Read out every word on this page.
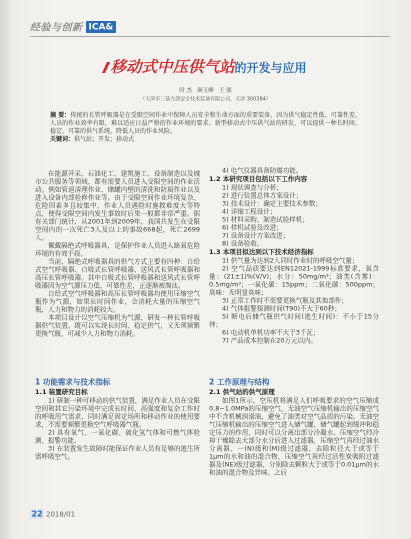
经验与创新 ICA&
移动式中压供气站的开发与应用
时 杰   颜玉峰   王 强
（天津市三基九创安全技术装备有限公司，天津 300384）
摘 要：传统的长管呼吸器是在受限空间作业中保障人员安全和生命方面的重要装备，因为供气稳定性低、可靠性差，人员的作业效率有限，难以适应日益严格的作业环境的要求。新型移动式中压供气站的研发，可以提供一种长时间、稳定、可靠的供气系统，降低人员的作业风险。
关键词：供气站；开发；移动式

在能源开采、石油化工、建筑施工、设备制造以及城市公共服务等领域，都有需要人员进入受限空间的作业活动。例如管道清理作业、储罐内壁的清洗和防腐作业以及进入设备内部检修作业等。由于受限空间作业环境复杂、危险因素多且较集中，作业人员遇险时施救难度大等特点，使得受限空间内发生事故时后果一般都非常严重。据有关部门统计，从2001年到2009年，我国共发生在受限空间内的一次死亡3人及以上的事故668起，死亡2699人。

佩戴隔绝式呼吸器具，是保护作业人员进入缺氧危险环境的有效手段。

当前，隔绝式呼吸器具的供气方式主要有四种：自给式空气呼吸器、自吸式长管呼吸器、送风式长管呼吸器和高压长管呼吸器。其中自吸式长管呼吸器和送风式长管呼吸器因为空气源压力低，可靠性差，正逐渐被淘汰。

自给式空气呼吸器和高压长管呼吸器均使用压缩空气瓶作为气源，如果长时间作业，会消耗大量的压缩空气瓶，人力和物力的消耗较大。

本项目设计以空气压缩机为气源，研发一种长管呼吸器供气装置，既可以实现长时间、稳定供气，又无须频繁更换气瓶，可减少人力和物力消耗。

4) 电气仪器具备防爆功能。

1.2 本研究项目包括以下工作内容

1) 现状调查与分析；

2) 进行装置总体方案设计；

3) 技术设计：确定主要技术参数；

4) 详细工程设计；

5) 材料采购、制造试验样机；

6) 样机试验及改进；

7) 设备设计方案改进；

8) 设备验收。

1.3 本项目拟达到以下技术经济指标

1) 供气量为达到2人同时作业时的呼吸空气量；

2) 空气品质要达到EN12021-1999标准要求，氧含量：(21±1)%(V/V)；水分：50mg/m³；油类(含雾)：0.5mg/m³；一氧化碳：15ppm；二氧化碳：500ppm；臭味：无明显臭味；

3) 正常工作时不需要更换气瓶及其他部件；

4) 气体报警探测时间(T90)不大于60秒；

5) 断电后储气瓶供气时间(逃生时间)：不小于15分钟；

6) 电动机单机功率不大于3千瓦；

7) 产品成本控制在20万元以内。

1 功能需求与技术指标
1.1 装置研究目标

1) 研制一种可移动的供气装置，满足作业人员在受限空间和其它污染环境中完成长时间、高强度和复杂工作时的呼吸用气需求，同时满足固定场所和移动作业的使用要求，不需要频繁更换空气呼吸器气瓶。

2) 具有氧气、一氧化碳、硫化氢气体和可燃气体检测、报警功能。

3) 在装置发生故障时能保证作业人员有足够的逃生所需呼吸空气。

2 工作原理与结构
2.1 供气站的供气原理

如图1所示，空压机将满足人们呼吸要求的空气压缩成0.8~1.0MPa的压缩空气，无油空气压缩机输出的压缩空气中不含机械润滑油，避免了油类对空气品质的污染。无油空气压缩机输出的压缩空气进入储气罐，储气罐起到缓冲和稳定压力的作用，同时可以分离出部分冷凝水。压缩空气经冷却干燥除去大部分水分后进入过滤器，压缩空气再经过油水分离器、一(N)级和(M)级过滤器，去除粒径大于或等于1μm的水和油的混合物，压缩空气再经过活性炭吸附过滤器及(NE)级过滤器，分别除去颗粒大于或等于0.01μm的水和油的混合物及异味。之后

22 2018/01
